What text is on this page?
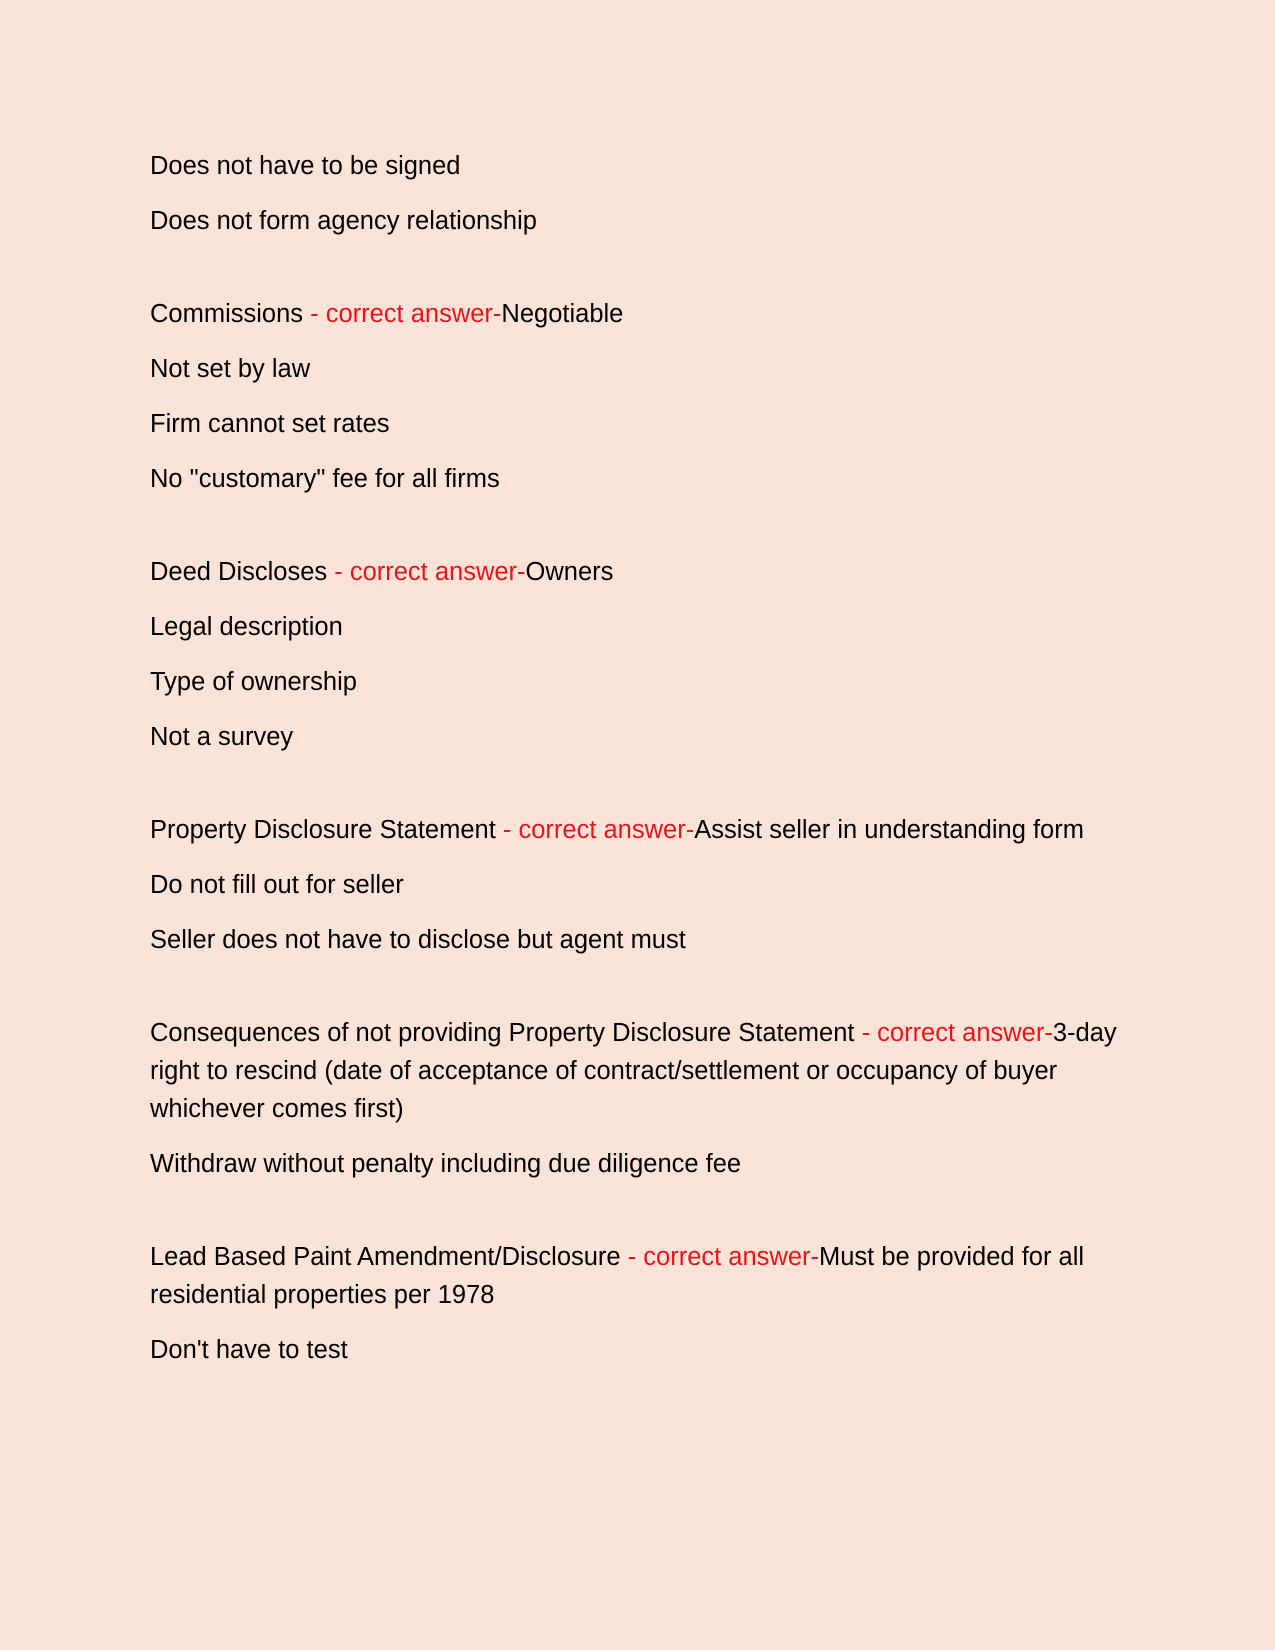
Does not have to be signed

Does not form agency relationship

Commissions - correct answer-Negotiable

Not set by law

Firm cannot set rates

No "customary" fee for all firms

Deed Discloses - correct answer-Owners

Legal description

Type of ownership

Not a survey

Property Disclosure Statement - correct answer-Assist seller in understanding form

Do not fill out for seller

Seller does not have to disclose but agent must

Consequences of not providing Property Disclosure Statement - correct answer-3-day right to rescind (date of acceptance of contract/settlement or occupancy of buyer whichever comes first)

Withdraw without penalty including due diligence fee

Lead Based Paint Amendment/Disclosure - correct answer-Must be provided for all residential properties per 1978

Don't have to test
